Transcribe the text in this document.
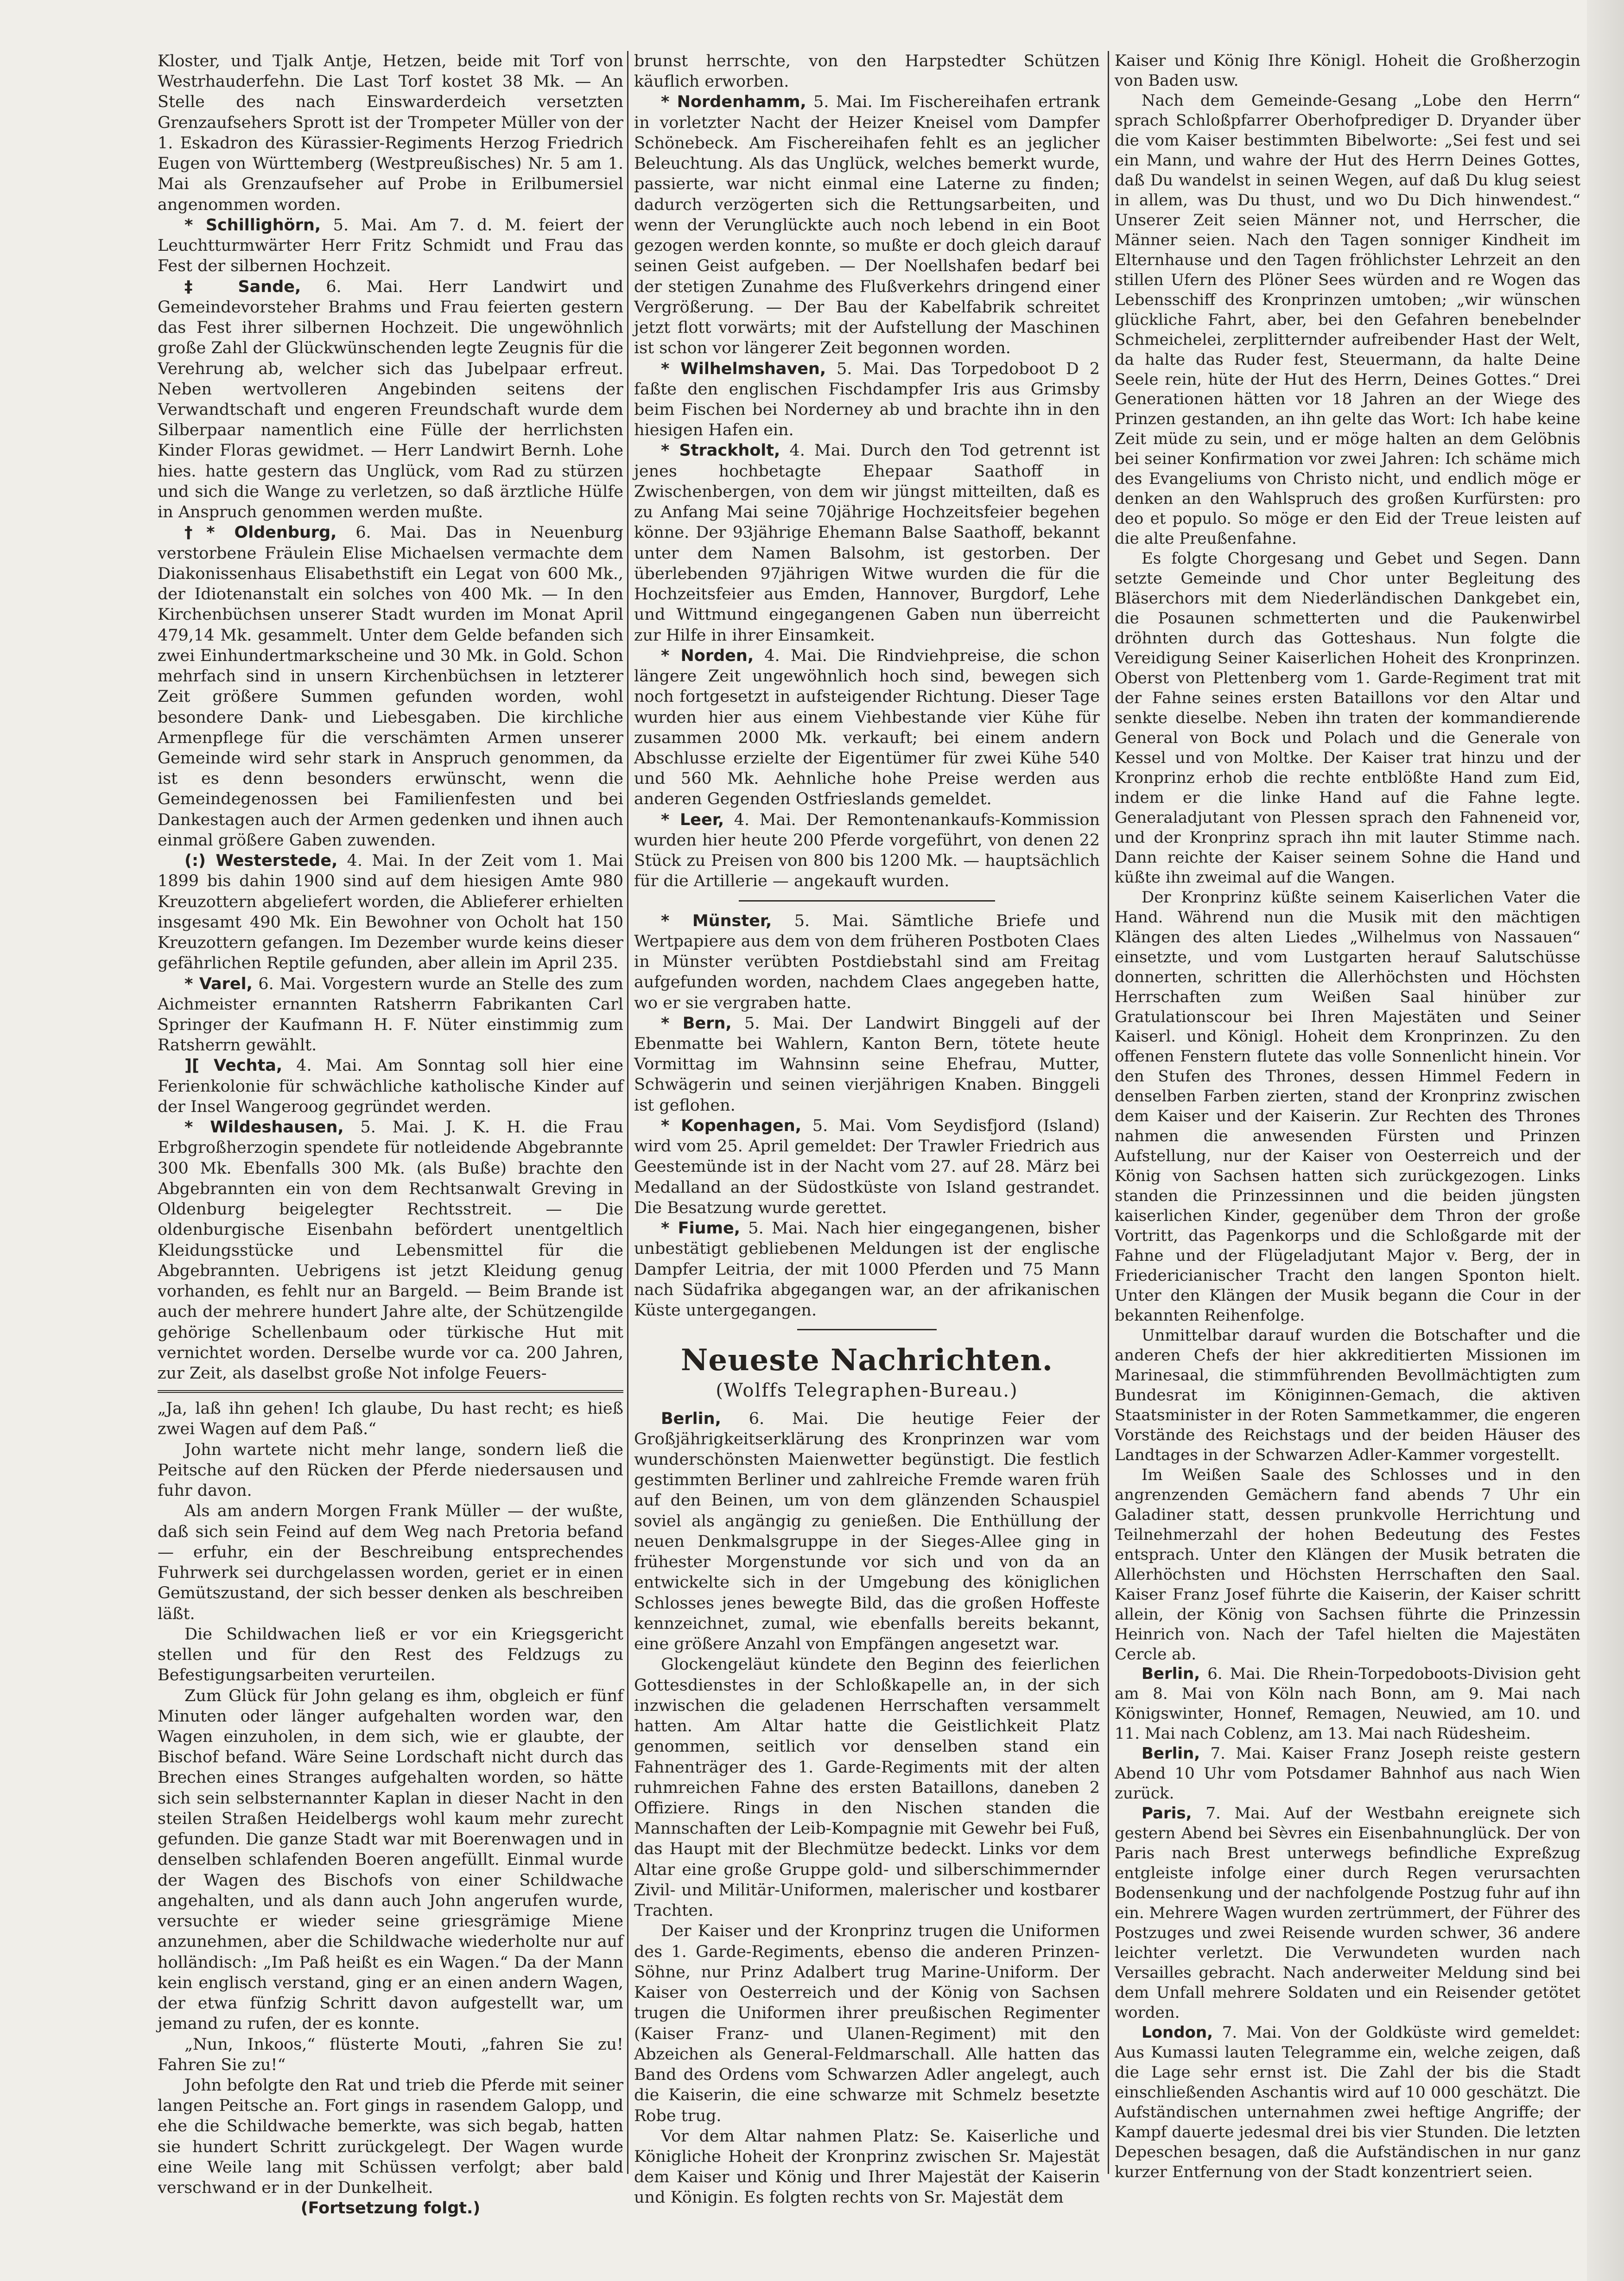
Kloster, und Tjalk Antje, Hetzen, beide mit Torf von Westrhauderfehn. Die Last Torf kostet 38 Mk. — An Stelle des nach Einswarderdeich versetzten Grenzaufsehers Sprott ist der Trompeter Müller von der 1. Eskadron des Kürassier-Regiments Herzog Friedrich Eugen von Württemberg (Westpreußisches) Nr. 5 am 1. Mai als Grenzaufseher auf Probe in Erilbumersiel angenommen worden.

* Schillighörn, 5. Mai. Am 7. d. M. feiert der Leuchtturmwärter Herr Fritz Schmidt und Frau das Fest der silbernen Hochzeit.

‡ Sande, 6. Mai. Herr Landwirt und Gemeindevorsteher Brahms und Frau feierten gestern das Fest ihrer silbernen Hochzeit. Die ungewöhnlich große Zahl der Glückwünschenden legte Zeugnis für die Verehrung ab, welcher sich das Jubelpaar erfreut. Neben wertvolleren Angebinden seitens der Verwandtschaft und engeren Freundschaft wurde dem Silberpaar namentlich eine Fülle der herrlichsten Kinder Floras gewidmet. — Herr Landwirt Bernh. Lohe hies. hatte gestern das Unglück, vom Rad zu stürzen und sich die Wange zu verletzen, so daß ärztliche Hülfe in Anspruch genommen werden mußte.

†* Oldenburg, 6. Mai. Das in Neuenburg verstorbene Fräulein Elise Michaelsen vermachte dem Diakonissenhaus Elisabethstift ein Legat von 600 Mk., der Idiotenanstalt ein solches von 400 Mk. — In den Kirchenbüchsen unserer Stadt wurden im Monat April 479,14 Mk. gesammelt. Unter dem Gelde befanden sich zwei Einhundertmarkscheine und 30 Mk. in Gold. Schon mehrfach sind in unsern Kirchenbüchsen in letzterer Zeit größere Summen gefunden worden, wohl besondere Dank- und Liebesgaben. Die kirchliche Armenpflege für die verschämten Armen unserer Gemeinde wird sehr stark in Anspruch genommen, da ist es denn besonders erwünscht, wenn die Gemeindegenossen bei Familienfesten und bei Dankestagen auch der Armen gedenken und ihnen auch einmal größere Gaben zuwenden.

(:) Westerstede, 4. Mai. In der Zeit vom 1. Mai 1899 bis dahin 1900 sind auf dem hiesigen Amte 980 Kreuzottern abgeliefert worden, die Ablieferer erhielten insgesamt 490 Mk. Ein Bewohner von Ocholt hat 150 Kreuzottern gefangen. Im Dezember wurde keins dieser gefährlichen Reptile gefunden, aber allein im April 235.

* Varel, 6. Mai. Vorgestern wurde an Stelle des zum Aichmeister ernannten Ratsherrn Fabrikanten Carl Springer der Kaufmann H. F. Nüter einstimmig zum Ratsherrn gewählt.

][ Vechta, 4. Mai. Am Sonntag soll hier eine Ferienkolonie für schwächliche katholische Kinder auf der Insel Wangeroog gegründet werden.

* Wildeshausen, 5. Mai. J. K. H. die Frau Erbgroßherzogin spendete für notleidende Abgebrannte 300 Mk. Ebenfalls 300 Mk. (als Buße) brachte den Abgebrannten ein von dem Rechtsanwalt Greving in Oldenburg beigelegter Rechtsstreit. — Die oldenburgische Eisenbahn befördert unentgeltlich Kleidungsstücke und Lebensmittel für die Abgebrannten. Uebrigens ist jetzt Kleidung genug vorhanden, es fehlt nur an Bargeld. — Beim Brande ist auch der mehrere hundert Jahre alte, der Schützengilde gehörige Schellenbaum oder türkische Hut mit vernichtet worden. Derselbe wurde vor ca. 200 Jahren, zur Zeit, als daselbst große Not infolge Feuers-

„Ja, laß ihn gehen! Ich glaube, Du hast recht; es hieß zwei Wagen auf dem Paß.“

John wartete nicht mehr lange, sondern ließ die Peitsche auf den Rücken der Pferde niedersausen und fuhr davon.

Als am andern Morgen Frank Müller — der wußte, daß sich sein Feind auf dem Weg nach Pretoria befand — erfuhr, ein der Beschreibung entsprechendes Fuhrwerk sei durchgelassen worden, geriet er in einen Gemütszustand, der sich besser denken als beschreiben läßt.

Die Schildwachen ließ er vor ein Kriegsgericht stellen und für den Rest des Feldzugs zu Befestigungsarbeiten verurteilen.

Zum Glück für John gelang es ihm, obgleich er fünf Minuten oder länger aufgehalten worden war, den Wagen einzuholen, in dem sich, wie er glaubte, der Bischof befand. Wäre Seine Lordschaft nicht durch das Brechen eines Stranges aufgehalten worden, so hätte sich sein selbsternannter Kaplan in dieser Nacht in den steilen Straßen Heidelbergs wohl kaum mehr zurecht gefunden. Die ganze Stadt war mit Boerenwagen und in denselben schlafenden Boeren angefüllt. Einmal wurde der Wagen des Bischofs von einer Schildwache angehalten, und als dann auch John angerufen wurde, versuchte er wieder seine griesgrämige Miene anzunehmen, aber die Schildwache wiederholte nur auf holländisch: „Im Paß heißt es ein Wagen.“ Da der Mann kein englisch verstand, ging er an einen andern Wagen, der etwa fünfzig Schritt davon aufgestellt war, um jemand zu rufen, der es konnte.

„Nun, Inkoos,“ flüsterte Mouti, „fahren Sie zu! Fahren Sie zu!“

John befolgte den Rat und trieb die Pferde mit seiner langen Peitsche an. Fort gings in rasendem Galopp, und ehe die Schildwache bemerkte, was sich begab, hatten sie hundert Schritt zurückgelegt. Der Wagen wurde eine Weile lang mit Schüssen verfolgt; aber bald verschwand er in der Dunkelheit.

(Fortsetzung folgt.)

brunst herrschte, von den Harpstedter Schützen käuflich erworben.

* Nordenhamm, 5. Mai. Im Fischereihafen ertrank in vorletzter Nacht der Heizer Kneisel vom Dampfer Schönebeck. Am Fischereihafen fehlt es an jeglicher Beleuchtung. Als das Unglück, welches bemerkt wurde, passierte, war nicht einmal eine Laterne zu finden; dadurch verzögerten sich die Rettungsarbeiten, und wenn der Verunglückte auch noch lebend in ein Boot gezogen werden konnte, so mußte er doch gleich darauf seinen Geist aufgeben. — Der Noellshafen bedarf bei der stetigen Zunahme des Flußverkehrs dringend einer Vergrößerung. — Der Bau der Kabelfabrik schreitet jetzt flott vorwärts; mit der Aufstellung der Maschinen ist schon vor längerer Zeit begonnen worden.

* Wilhelmshaven, 5. Mai. Das Torpedoboot D 2 faßte den englischen Fischdampfer Iris aus Grimsby beim Fischen bei Norderney ab und brachte ihn in den hiesigen Hafen ein.

* Strackholt, 4. Mai. Durch den Tod getrennt ist jenes hochbetagte Ehepaar Saathoff in Zwischenbergen, von dem wir jüngst mitteilten, daß es zu Anfang Mai seine 70jährige Hochzeitsfeier begehen könne. Der 93jährige Ehemann Balse Saathoff, bekannt unter dem Namen Balsohm, ist gestorben. Der überlebenden 97jährigen Witwe wurden die für die Hochzeitsfeier aus Emden, Hannover, Burgdorf, Lehe und Wittmund eingegangenen Gaben nun überreicht zur Hilfe in ihrer Einsamkeit.

* Norden, 4. Mai. Die Rindviehpreise, die schon längere Zeit ungewöhnlich hoch sind, bewegen sich noch fortgesetzt in aufsteigender Richtung. Dieser Tage wurden hier aus einem Viehbestande vier Kühe für zusammen 2000 Mk. verkauft; bei einem andern Abschlusse erzielte der Eigentümer für zwei Kühe 540 und 560 Mk. Aehnliche hohe Preise werden aus anderen Gegenden Ostfrieslands gemeldet.

* Leer, 4. Mai. Der Remontenankaufs-Kommission wurden hier heute 200 Pferde vorgeführt, von denen 22 Stück zu Preisen von 800 bis 1200 Mk. — hauptsächlich für die Artillerie — angekauft wurden.

* Münster, 5. Mai. Sämtliche Briefe und Wertpapiere aus dem von dem früheren Postboten Claes in Münster verübten Postdiebstahl sind am Freitag aufgefunden worden, nachdem Claes angegeben hatte, wo er sie vergraben hatte.

* Bern, 5. Mai. Der Landwirt Binggeli auf der Ebenmatte bei Wahlern, Kanton Bern, tötete heute Vormittag im Wahnsinn seine Ehefrau, Mutter, Schwägerin und seinen vierjährigen Knaben. Binggeli ist geflohen.

* Kopenhagen, 5. Mai. Vom Seydisfjord (Island) wird vom 25. April gemeldet: Der Trawler Friedrich aus Geestemünde ist in der Nacht vom 27. auf 28. März bei Medalland an der Südostküste von Island gestrandet. Die Besatzung wurde gerettet.

* Fiume, 5. Mai. Nach hier eingegangenen, bisher unbestätigt gebliebenen Meldungen ist der englische Dampfer Leitria, der mit 1000 Pferden und 75 Mann nach Südafrika abgegangen war, an der afrikanischen Küste untergegangen.

Neueste Nachrichten.
(Wolffs Telegraphen-Bureau.)

Berlin, 6. Mai. Die heutige Feier der Großjährigkeitserklärung des Kronprinzen war vom wunderschönsten Maienwetter begünstigt. Die festlich gestimmten Berliner und zahlreiche Fremde waren früh auf den Beinen, um von dem glänzenden Schauspiel soviel als angängig zu genießen. Die Enthüllung der neuen Denkmalsgruppe in der Sieges-Allee ging in frühester Morgenstunde vor sich und von da an entwickelte sich in der Umgebung des königlichen Schlosses jenes bewegte Bild, das die großen Hoffeste kennzeichnet, zumal, wie ebenfalls bereits bekannt, eine größere Anzahl von Empfängen angesetzt war.

Glockengeläut kündete den Beginn des feierlichen Gottesdienstes in der Schloßkapelle an, in der sich inzwischen die geladenen Herrschaften versammelt hatten. Am Altar hatte die Geistlichkeit Platz genommen, seitlich vor denselben stand ein Fahnenträger des 1. Garde-Regiments mit der alten ruhmreichen Fahne des ersten Bataillons, daneben 2 Offiziere. Rings in den Nischen standen die Mannschaften der Leib-Kompagnie mit Gewehr bei Fuß, das Haupt mit der Blechmütze bedeckt. Links vor dem Altar eine große Gruppe gold- und silberschimmernder Zivil- und Militär-Uniformen, malerischer und kostbarer Trachten.

Der Kaiser und der Kronprinz trugen die Uniformen des 1. Garde-Regiments, ebenso die anderen Prinzen-Söhne, nur Prinz Adalbert trug Marine-Uniform. Der Kaiser von Oesterreich und der König von Sachsen trugen die Uniformen ihrer preußischen Regimenter (Kaiser Franz- und Ulanen-Regiment) mit den Abzeichen als General-Feldmarschall. Alle hatten das Band des Ordens vom Schwarzen Adler angelegt, auch die Kaiserin, die eine schwarze mit Schmelz besetzte Robe trug.

Vor dem Altar nahmen Platz: Se. Kaiserliche und Königliche Hoheit der Kronprinz zwischen Sr. Majestät dem Kaiser und König und Ihrer Majestät der Kaiserin und Königin. Es folgten rechts von Sr. Majestät dem

Kaiser und König Ihre Königl. Hoheit die Großherzogin von Baden usw.

Nach dem Gemeinde-Gesang „Lobe den Herrn“ sprach Schloßpfarrer Oberhofprediger D. Dryander über die vom Kaiser bestimmten Bibelworte: „Sei fest und sei ein Mann, und wahre der Hut des Herrn Deines Gottes, daß Du wandelst in seinen Wegen, auf daß Du klug seiest in allem, was Du thust, und wo Du Dich hinwendest.“ Unserer Zeit seien Männer not, und Herrscher, die Männer seien. Nach den Tagen sonniger Kindheit im Elternhause und den Tagen fröhlichster Lehrzeit an den stillen Ufern des Plöner Sees würden and re Wogen das Lebensschiff des Kronprinzen umtoben; „wir wünschen glückliche Fahrt, aber, bei den Gefahren benebelnder Schmeichelei, zerplitternder aufreibender Hast der Welt, da halte das Ruder fest, Steuermann, da halte Deine Seele rein, hüte der Hut des Herrn, Deines Gottes.“ Drei Generationen hätten vor 18 Jahren an der Wiege des Prinzen gestanden, an ihn gelte das Wort: Ich habe keine Zeit müde zu sein, und er möge halten an dem Gelöbnis bei seiner Konfirmation vor zwei Jahren: Ich schäme mich des Evangeliums von Christo nicht, und endlich möge er denken an den Wahlspruch des großen Kurfürsten: pro deo et populo. So möge er den Eid der Treue leisten auf die alte Preußenfahne.

Es folgte Chorgesang und Gebet und Segen. Dann setzte Gemeinde und Chor unter Begleitung des Bläserchors mit dem Niederländischen Dankgebet ein, die Posaunen schmetterten und die Paukenwirbel dröhnten durch das Gotteshaus. Nun folgte die Vereidigung Seiner Kaiserlichen Hoheit des Kronprinzen. Oberst von Plettenberg vom 1. Garde-Regiment trat mit der Fahne seines ersten Bataillons vor den Altar und senkte dieselbe. Neben ihn traten der kommandierende General von Bock und Polach und die Generale von Kessel und von Moltke. Der Kaiser trat hinzu und der Kronprinz erhob die rechte entblößte Hand zum Eid, indem er die linke Hand auf die Fahne legte. Generaladjutant von Plessen sprach den Fahneneid vor, und der Kronprinz sprach ihn mit lauter Stimme nach. Dann reichte der Kaiser seinem Sohne die Hand und küßte ihn zweimal auf die Wangen.

Der Kronprinz küßte seinem Kaiserlichen Vater die Hand. Während nun die Musik mit den mächtigen Klängen des alten Liedes „Wilhelmus von Nassauen“ einsetzte, und vom Lustgarten herauf Salutschüsse donnerten, schritten die Allerhöchsten und Höchsten Herrschaften zum Weißen Saal hinüber zur Gratulationscour bei Ihren Majestäten und Seiner Kaiserl. und Königl. Hoheit dem Kronprinzen. Zu den offenen Fenstern flutete das volle Sonnenlicht hinein. Vor den Stufen des Thrones, dessen Himmel Federn in denselben Farben zierten, stand der Kronprinz zwischen dem Kaiser und der Kaiserin. Zur Rechten des Thrones nahmen die anwesenden Fürsten und Prinzen Aufstellung, nur der Kaiser von Oesterreich und der König von Sachsen hatten sich zurückgezogen. Links standen die Prinzessinnen und die beiden jüngsten kaiserlichen Kinder, gegenüber dem Thron der große Vortritt, das Pagenkorps und die Schloßgarde mit der Fahne und der Flügeladjutant Major v. Berg, der in Friedericianischer Tracht den langen Sponton hielt. Unter den Klängen der Musik begann die Cour in der bekannten Reihenfolge.

Unmittelbar darauf wurden die Botschafter und die anderen Chefs der hier akkreditierten Missionen im Marinesaal, die stimmführenden Bevollmächtigten zum Bundesrat im Königinnen-Gemach, die aktiven Staatsminister in der Roten Sammetkammer, die engeren Vorstände des Reichstags und der beiden Häuser des Landtages in der Schwarzen Adler-Kammer vorgestellt.

Im Weißen Saale des Schlosses und in den angrenzenden Gemächern fand abends 7 Uhr ein Galadiner statt, dessen prunkvolle Herrichtung und Teilnehmerzahl der hohen Bedeutung des Festes entsprach. Unter den Klängen der Musik betraten die Allerhöchsten und Höchsten Herrschaften den Saal. Kaiser Franz Josef führte die Kaiserin, der Kaiser schritt allein, der König von Sachsen führte die Prinzessin Heinrich von. Nach der Tafel hielten die Majestäten Cercle ab.

Berlin, 6. Mai. Die Rhein-Torpedoboots-Division geht am 8. Mai von Köln nach Bonn, am 9. Mai nach Königswinter, Honnef, Remagen, Neuwied, am 10. und 11. Mai nach Coblenz, am 13. Mai nach Rüdesheim.

Berlin, 7. Mai. Kaiser Franz Joseph reiste gestern Abend 10 Uhr vom Potsdamer Bahnhof aus nach Wien zurück.

Paris, 7. Mai. Auf der Westbahn ereignete sich gestern Abend bei Sèvres ein Eisenbahnunglück. Der von Paris nach Brest unterwegs befindliche Expreßzug entgleiste infolge einer durch Regen verursachten Bodensenkung und der nachfolgende Postzug fuhr auf ihn ein. Mehrere Wagen wurden zertrümmert, der Führer des Postzuges und zwei Reisende wurden schwer, 36 andere leichter verletzt. Die Verwundeten wurden nach Versailles gebracht. Nach anderweiter Meldung sind bei dem Unfall mehrere Soldaten und ein Reisender getötet worden.

London, 7. Mai. Von der Goldküste wird gemeldet: Aus Kumassi lauten Telegramme ein, welche zeigen, daß die Lage sehr ernst ist. Die Zahl der bis die Stadt einschließenden Aschantis wird auf 10 000 geschätzt. Die Aufständischen unternahmen zwei heftige Angriffe; der Kampf dauerte jedesmal drei bis vier Stunden. Die letzten Depeschen besagen, daß die Aufständischen in nur ganz kurzer Entfernung von der Stadt konzentriert seien.
